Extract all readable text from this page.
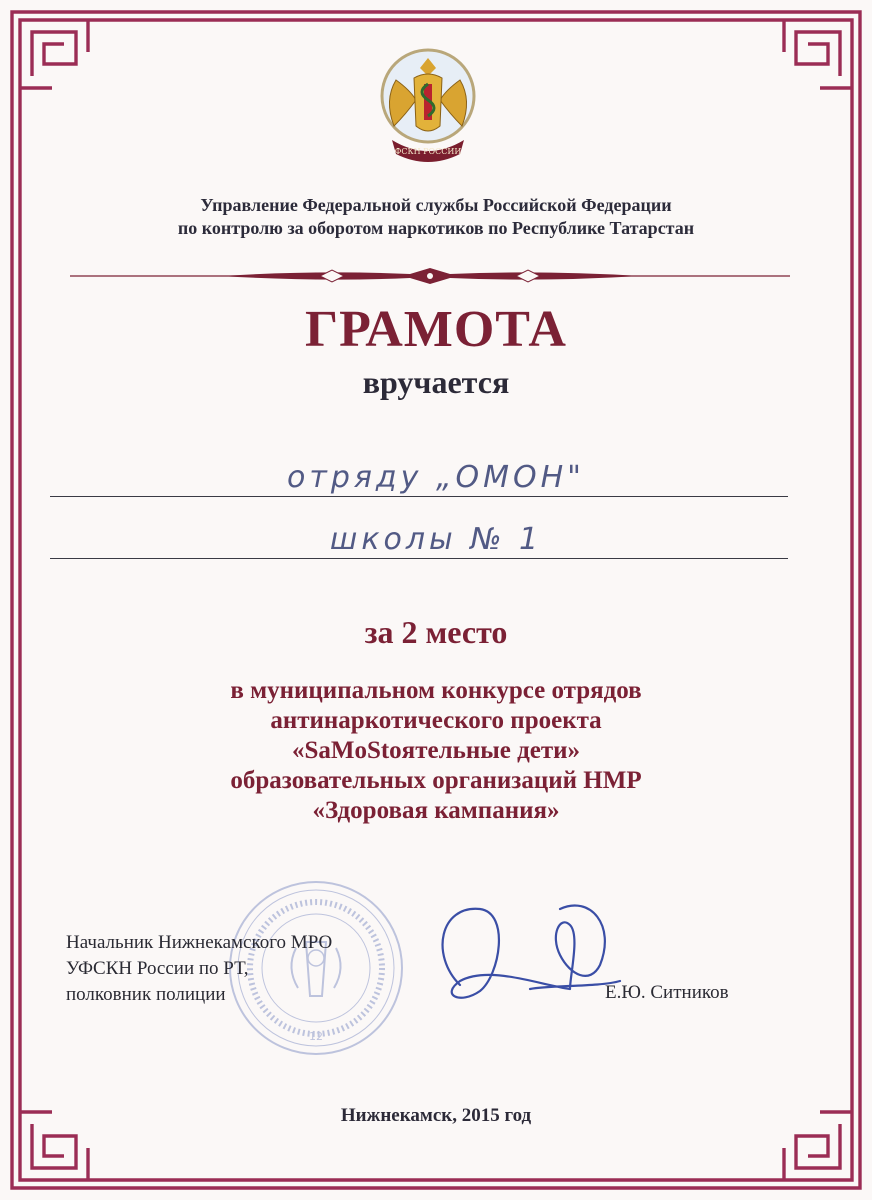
ФСКН РОССИИ
Управление Федеральной службы Российской Федерации
по контролю за оборотом наркотиков по Республике Татарстан
ГРАМОТА
вручается
отряду „ОМОН"
школы № 1
за 2 место
в муниципальном конкурсе отрядов
антинаркотического проекта
«SaMoStoятельные дети»
образовательных организаций НМР
«Здоровая кампания»
12
Начальник Нижнекамского МРО
УФСКН России по РТ,
полковник полиции	Е.Ю. Ситников
Нижнекамск, 2015 год
